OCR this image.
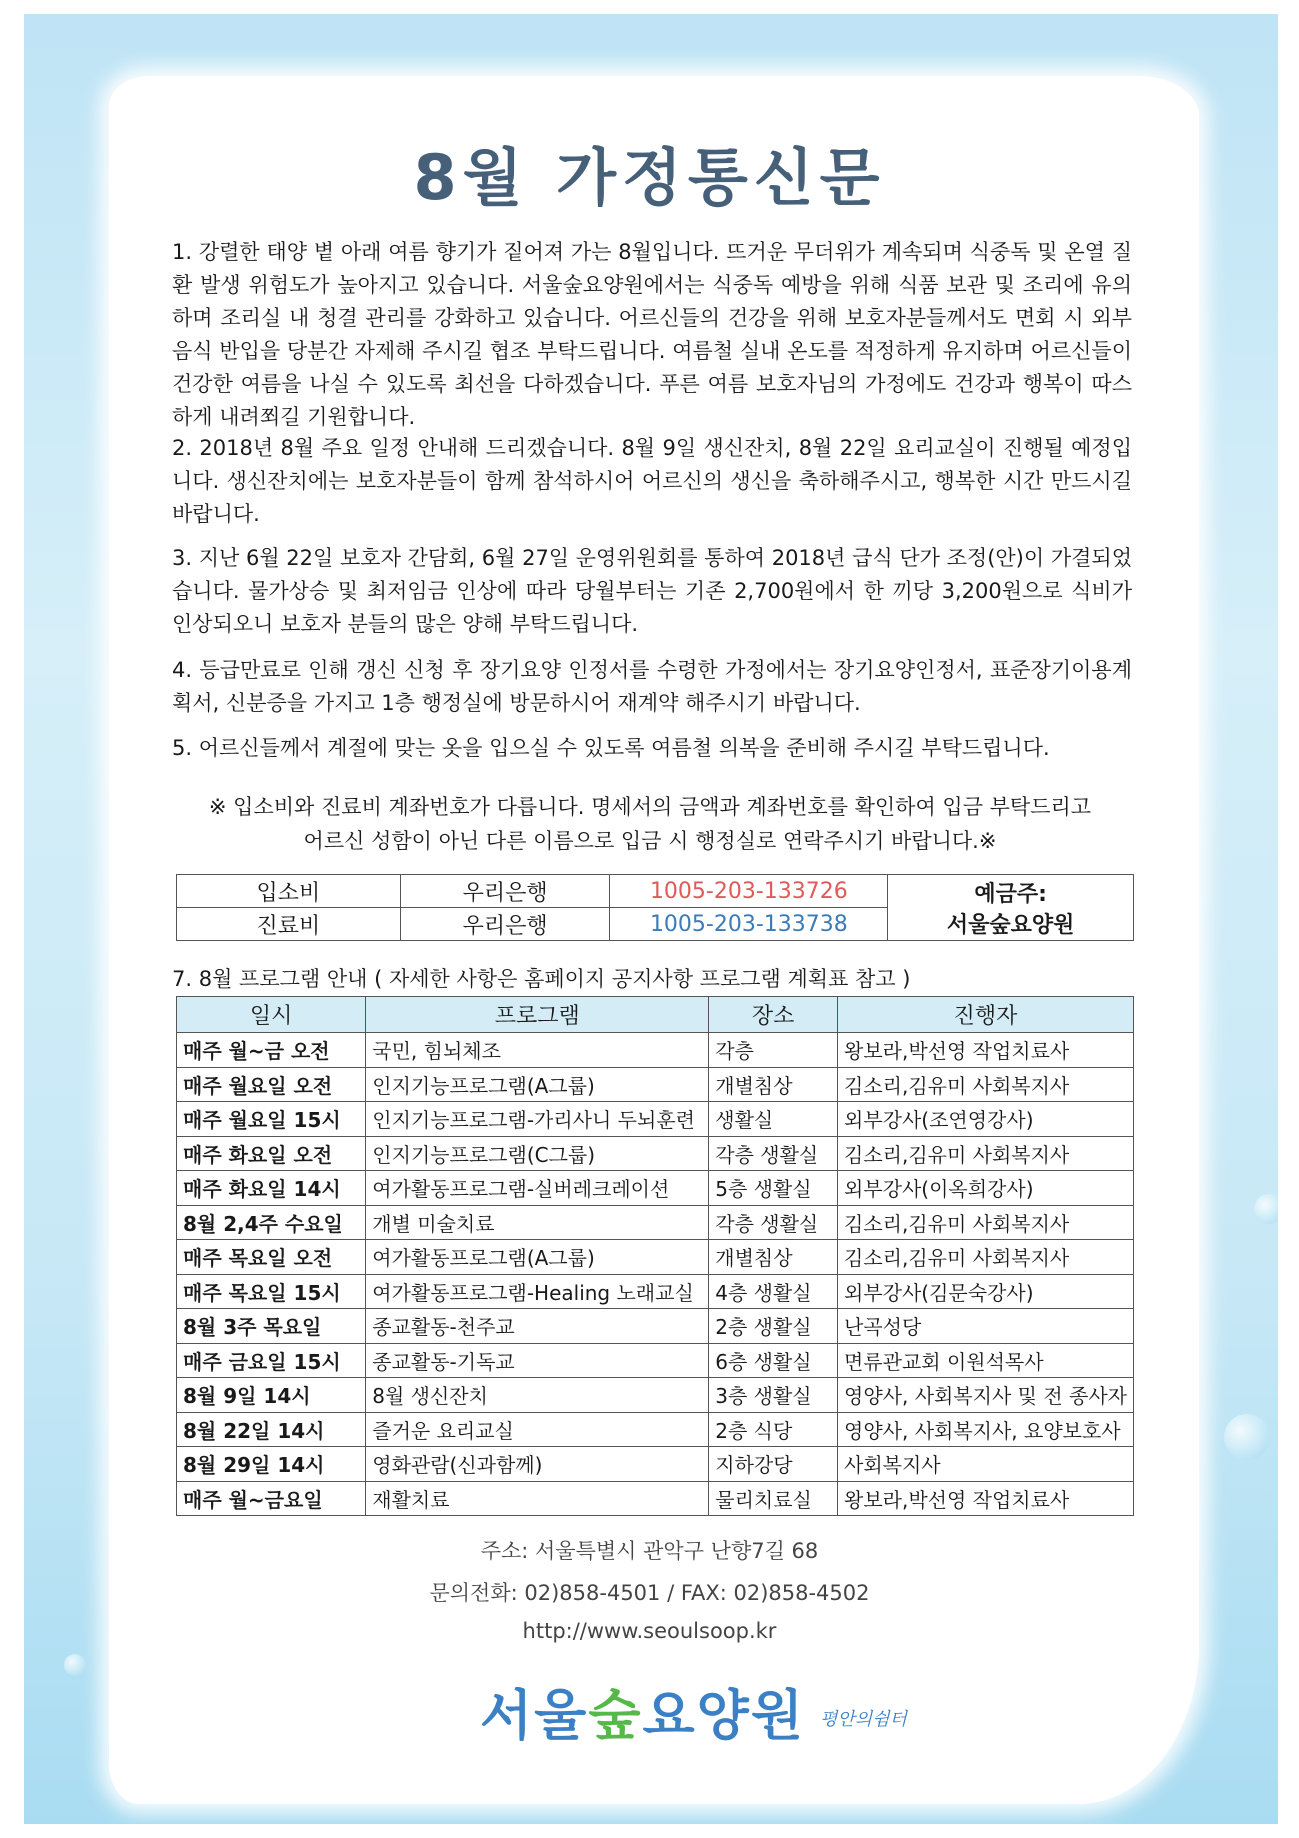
8월 가정통신문
1. 강렬한 태양 볕 아래 여름 향기가 짙어져 가는 8월입니다. 뜨거운 무더위가 계속되며 식중독 및 온열 질환 발생 위험도가 높아지고 있습니다. 서울숲요양원에서는 식중독 예방을 위해 식품 보관 및 조리에 유의하며 조리실 내 청결 관리를 강화하고 있습니다. 어르신들의 건강을 위해 보호자분들께서도 면회 시 외부음식 반입을 당분간 자제해 주시길 협조 부탁드립니다. 여름철 실내 온도를 적정하게 유지하며 어르신들이 건강한 여름을 나실 수 있도록 최선을 다하겠습니다. 푸른 여름 보호자님의 가정에도 건강과 행복이 따스하게 내려쬐길 기원합니다.
2. 2018년 8월 주요 일정 안내해 드리겠습니다. 8월 9일 생신잔치, 8월 22일 요리교실이 진행될 예정입니다. 생신잔치에는 보호자분들이 함께 참석하시어 어르신의 생신을 축하해주시고, 행복한 시간 만드시길 바랍니다.
3. 지난 6월 22일 보호자 간담회, 6월 27일 운영위원회를 통하여 2018년 급식 단가 조정(안)이 가결되었습니다. 물가상승 및 최저임금 인상에 따라 당월부터는 기존 2,700원에서 한 끼당 3,200원으로 식비가 인상되오니 보호자 분들의 많은 양해 부탁드립니다.
4. 등급만료로 인해 갱신 신청 후 장기요양 인정서를 수령한 가정에서는 장기요양인정서, 표준장기이용계획서, 신분증을 가지고 1층 행정실에 방문하시어 재계약 해주시기 바랍니다.
5. 어르신들께서 계절에 맞는 옷을 입으실 수 있도록 여름철 의복을 준비해 주시길 부탁드립니다.
※ 입소비와 진료비 계좌번호가 다릅니다. 명세서의 금액과 계좌번호를 확인하여 입금 부탁드리고
어르신 성함이 아닌 다른 이름으로 입금 시 행정실로 연락주시기 바랍니다.※
입소비	우리은행	1005-203-133726	예금주:
서울숲요양원

진료비	우리은행	1005-203-133738	
7. 8월 프로그램 안내 ( 자세한 사항은 홈페이지 공지사항 프로그램 계획표 참고 )
일시	프로그램	장소	진행자
매주 월~금 오전	국민, 힘뇌체조	각층	왕보라,박선영 작업치료사
매주 월요일 오전	인지기능프로그램(A그룹)	개별침상	김소리,김유미 사회복지사
매주 월요일 15시	인지기능프로그램-가리사니 두뇌훈련	생활실	외부강사(조연영강사)
매주 화요일 오전	인지기능프로그램(C그룹)	각층 생활실	김소리,김유미 사회복지사
매주 화요일 14시	여가활동프로그램-실버레크레이션	5층 생활실	외부강사(이옥희강사)
8월 2,4주 수요일	개별 미술치료	각층 생활실	김소리,김유미 사회복지사
매주 목요일 오전	여가활동프로그램(A그룹)	개별침상	김소리,김유미 사회복지사
매주 목요일 15시	여가활동프로그램-Healing 노래교실	4층 생활실	외부강사(김문숙강사)
8월 3주 목요일	종교활동-천주교	2층 생활실	난곡성당
매주 금요일 15시	종교활동-기독교	6층 생활실	면류관교회 이원석목사
8월 9일 14시	8월 생신잔치	3층 생활실	영양사, 사회복지사 및 전 종사자
8월 22일 14시	즐거운 요리교실	2층 식당	영양사, 사회복지사, 요양보호사
8월 29일 14시	영화관람(신과함께)	지하강당	사회복지사
매주 월~금요일	재활치료	물리치료실	왕보라,박선영 작업치료사
주소: 서울특별시 관악구 난향7길 68
문의전화: 02)858-4501 / FAX: 02)858-4502
http://www.seoulsoop.kr
서울숲요양원 평안의쉼터
